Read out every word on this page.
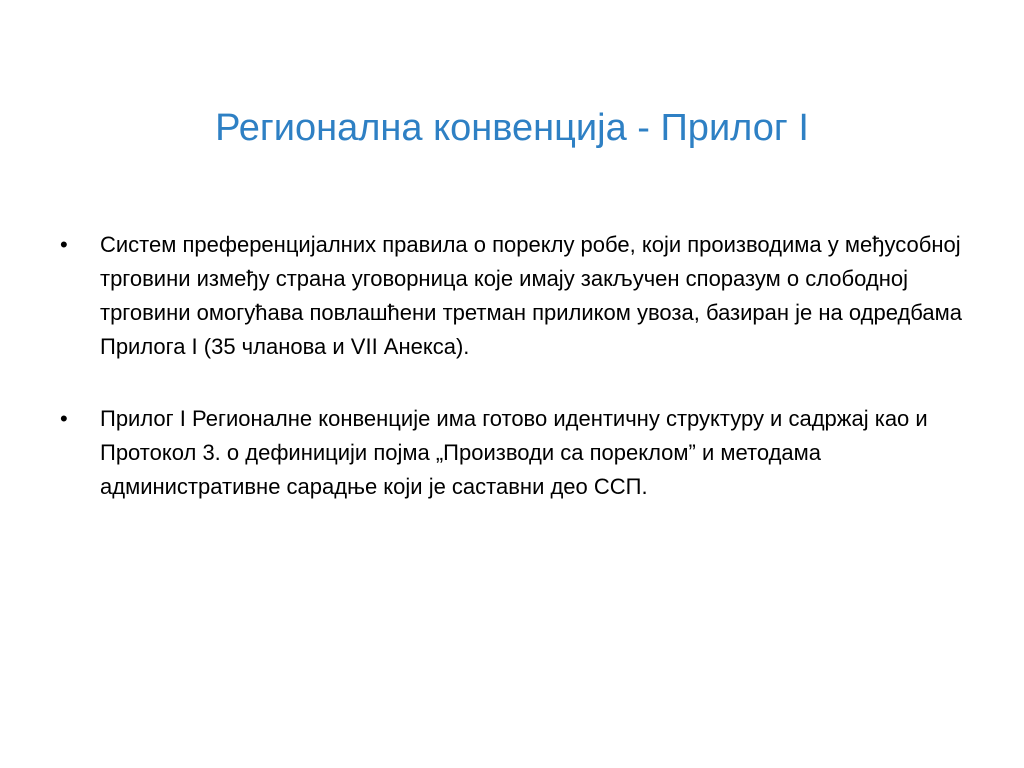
Регионална конвенција - Прилог I
•	Систем преференцијалних правила о пореклу робе, који производима у међусобној трговини између страна уговорница које имају закључен споразум о слободној трговини омогућава повлашћени третман приликом увоза, базиран је на одредбама Прилога I (35 чланова и VII Анекса).
•	Прилог I Регионалне конвенције има готово идентичну структуру и садржај као и  Протокол 3. о дефиницији појма „Производи са пореклом” и методама административне сарадње који је саставни део ССП.
